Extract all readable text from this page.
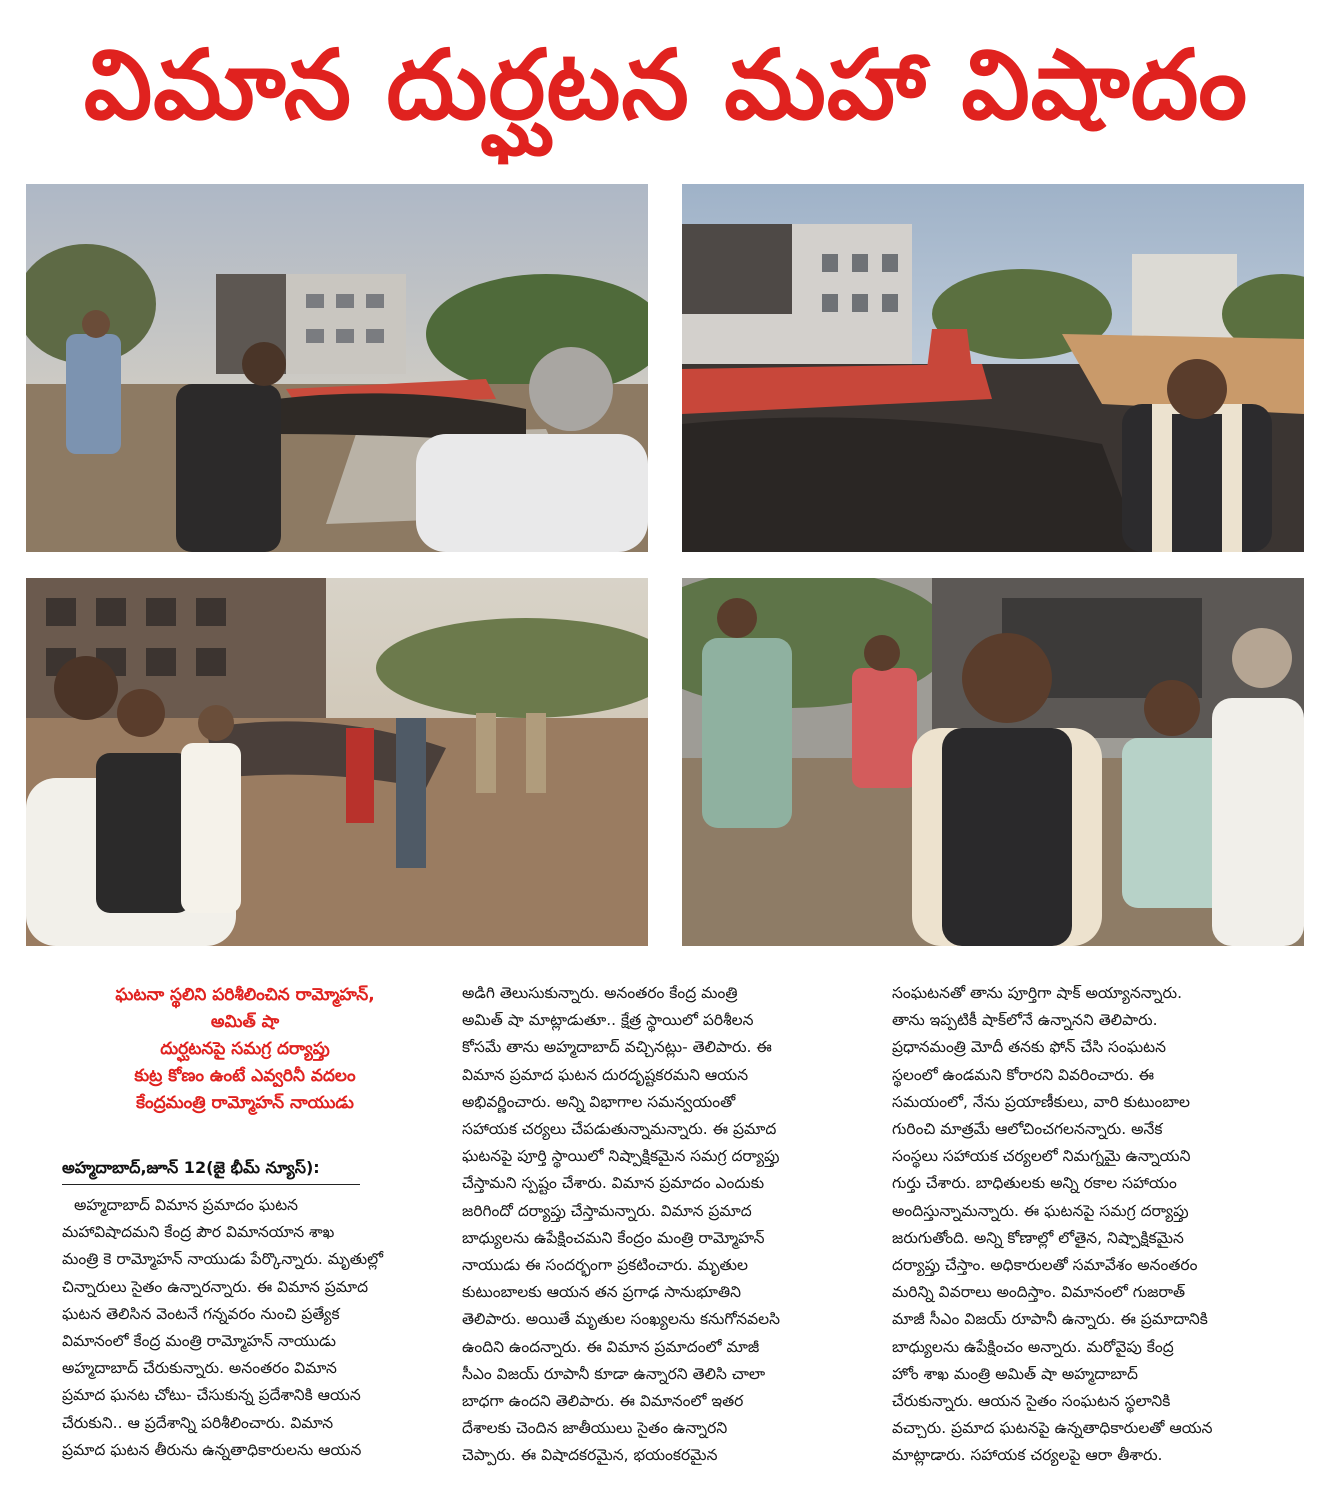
విమాన దుర్ఘటన మహా విషాదం
ఘటనా స్థలిని పరిశీలించిన రామ్మోహన్,
అమిత్ షా
దుర్ఘటనపై సమగ్ర దర్యాప్తు
కుట్ర కోణం ఉంటే ఎవ్వరినీ వదలం
కేంద్రమంత్రి రామ్మోహన్ నాయుడు
అహ్మదాబాద్,జూన్ 12(జై భీమ్ న్యూస్):
అహ్మదాబాద్ విమాన ప్రమాదం ఘటన
మహావిషాదమని కేంద్ర పౌర విమానయాన శాఖ
మంత్రి కె రామ్మోహన్ నాయుడు పేర్కొన్నారు. మృతుల్లో
చిన్నారులు సైతం ఉన్నారన్నారు. ఈ విమాన ప్రమాద
ఘటన తెలిసిన వెంటనే గన్నవరం నుంచి ప్రత్యేక
విమానంలో కేంద్ర మంత్రి రామ్మోహన్ నాయుడు
అహ్మదాబాద్ చేరుకున్నారు. అనంతరం విమాన
ప్రమాద ఘనట చోటు- చేసుకున్న ప్రదేశానికి ఆయన
చేరుకుని.. ఆ ప్రదేశాన్ని పరిశీలించారు. విమాన
ప్రమాద ఘటన తీరును ఉన్నతాధికారులను ఆయన
అడిగి తెలుసుకున్నారు. అనంతరం కేంద్ర మంత్రి
అమిత్ షా మాట్లాడుతూ.. క్షేత్ర స్థాయిలో పరిశీలన
కోసమే తాను అహ్మదాబాద్ వచ్చినట్లు- తెలిపారు. ఈ
విమాన ప్రమాద ఘటన దురదృష్టకరమని ఆయన
అభివర్ణించారు. అన్ని విభాగాల సమన్వయంతో
సహాయక చర్యలు చేపడుతున్నామన్నారు. ఈ ప్రమాద
ఘటనపై పూర్తి స్థాయిలో నిష్పాక్షికమైన సమగ్ర దర్యాప్తు
చేస్తామని స్పష్టం చేశారు. విమాన ప్రమాదం ఎందుకు
జరిగిందో దర్యాప్తు చేస్తామన్నారు. విమాన ప్రమాద
బాధ్యులను ఉపేక్షించమని కేంద్రం మంత్రి రామ్మోహన్
నాయుడు ఈ సందర్భంగా ప్రకటించారు. మృతుల
కుటుంబాలకు ఆయన తన ప్రగాఢ సానుభూతిని
తెలిపారు. అయితే మృతుల సంఖ్యలను కనుగోనవలసి
ఉందిని ఉందన్నారు. ఈ విమాన ప్రమాదంలో మాజీ
సీఎం విజయ్ రూపానీ కూడా ఉన్నారని తెలిసి చాలా
బాధగా ఉందని తెలిపారు. ఈ విమానంలో ఇతర
దేశాలకు చెందిన జాతీయులు సైతం ఉన్నారని
చెప్పారు. ఈ విషాదకరమైన, భయంకరమైన
సంఘటనతో తాను పూర్తిగా షాక్ అయ్యానన్నారు.
తాను ఇప్పటికీ షాక్‌లోనే ఉన్నానని తెలిపారు.
ప్రధానమంత్రి మోదీ తనకు ఫోన్ చేసి సంఘటన
స్థలంలో ఉండమని కోరారని వివరించారు. ఈ
సమయంలో, నేను ప్రయాణీకులు, వారి కుటుంబాల
గురించి మాత్రమే ఆలోచించగలనన్నారు. అనేక
సంస్థలు సహాయక చర్యలలో నిమగ్నమై ఉన్నాయని
గుర్తు చేశారు. బాధితులకు అన్ని రకాల సహాయం
అందిస్తున్నామన్నారు. ఈ ఘటనపై సమగ్ర దర్యాప్తు
జరుగుతోంది. అన్ని కోణాల్లో లోతైన, నిష్పాక్షికమైన
దర్యాప్తు చేస్తాం. అధికారులతో సమావేశం అనంతరం
మరిన్ని వివరాలు అందిస్తాం. విమానంలో గుజరాత్
మాజీ సీఎం విజయ్ రూపానీ ఉన్నారు. ఈ ప్రమాదానికి
బాధ్యులను ఉపేక్షించం అన్నారు. మరోవైపు కేంద్ర
హోం శాఖ మంత్రి అమిత్ షా అహ్మదాబాద్
చేరుకున్నారు. ఆయన సైతం సంఘటన స్థలానికి
వచ్చారు. ప్రమాద ఘటనపై ఉన్నతాధికారులతో ఆయన
మాట్లాడారు. సహాయక చర్యలపై ఆరా తీశారు.
